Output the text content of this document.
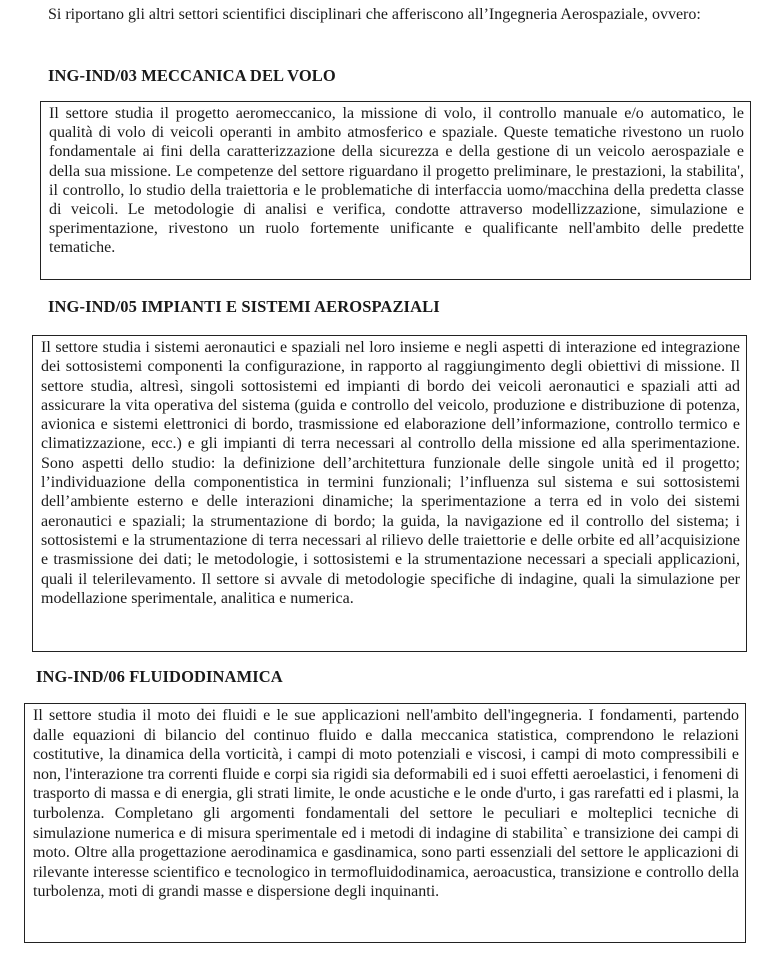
Si riportano gli altri settori scientifici disciplinari che afferiscono all’Ingegneria Aerospaziale, ovvero:
ING-IND/03 MECCANICA DEL VOLO

Il settore studia il progetto aeromeccanico, la missione di volo, il controllo manuale e/o automatico, le qualità di volo di veicoli operanti in ambito atmosferico e spaziale. Queste tematiche rivestono un ruolo fondamentale ai fini della caratterizzazione della sicurezza e della gestione di un veicolo aerospaziale e della sua missione. Le competenze del settore riguardano il progetto preliminare, le prestazioni, la stabilita', il controllo, lo studio della traiettoria e le problematiche di interfaccia uomo/macchina della predetta classe di veicoli. Le metodologie di analisi e verifica, condotte attraverso modellizzazione, simulazione e sperimentazione, rivestono un ruolo fortemente unificante e qualificante nell'ambito delle predette tematiche.

ING-IND/05 IMPIANTI E SISTEMI AEROSPAZIALI

Il settore studia i sistemi aeronautici e spaziali nel loro insieme e negli aspetti di interazione ed integrazione dei sottosistemi componenti la configurazione, in rapporto al raggiungimento degli obiettivi di missione. Il settore studia, altresì, singoli sottosistemi ed impianti di bordo dei veicoli aeronautici e spaziali atti ad assicurare la vita operativa del sistema (guida e controllo del veicolo, produzione e distribuzione di potenza, avionica e sistemi elettronici di bordo, trasmissione ed elaborazione dell’informazione, controllo termico e climatizzazione, ecc.) e gli impianti di terra necessari al controllo della missione ed alla sperimentazione. Sono aspetti dello studio: la definizione dell’architettura funzionale delle singole unità ed il progetto; l’individuazione della componentistica in termini funzionali; l’influenza sul sistema e sui sottosistemi dell’ambiente esterno e delle interazioni dinamiche; la sperimentazione a terra ed in volo dei sistemi aeronautici e spaziali; la strumentazione di bordo; la guida, la navigazione ed il controllo del sistema; i sottosistemi e la strumentazione di terra necessari al rilievo delle traiettorie e delle orbite ed all’acquisizione e trasmissione dei dati; le metodologie, i sottosistemi e la strumentazione necessari a speciali applicazioni, quali il telerilevamento. Il settore si avvale di metodologie specifiche di indagine, quali la simulazione per modellazione sperimentale, analitica e numerica.

ING-IND/06 FLUIDODINAMICA

Il settore studia il moto dei fluidi e le sue applicazioni nell'ambito dell'ingegneria. I fondamenti, partendo dalle equazioni di bilancio del continuo fluido e dalla meccanica statistica, comprendono le relazioni costitutive, la dinamica della vorticità, i campi di moto potenziali e viscosi, i campi di moto compressibili e non, l'interazione tra correnti fluide e corpi sia rigidi sia deformabili ed i suoi effetti aeroelastici, i fenomeni di trasporto di massa e di energia, gli strati limite, le onde acustiche e le onde d'urto, i gas rarefatti ed i plasmi, la turbolenza. Completano gli argomenti fondamentali del settore le peculiari e molteplici tecniche di simulazione numerica e di misura sperimentale ed i metodi di indagine di stabilita` e transizione dei campi di moto. Oltre alla progettazione aerodinamica e gasdinamica, sono parti essenziali del settore le applicazioni di rilevante interesse scientifico e tecnologico in termofluidodinamica, aeroacustica, transizione e controllo della turbolenza, moti di grandi masse e dispersione degli inquinanti.
